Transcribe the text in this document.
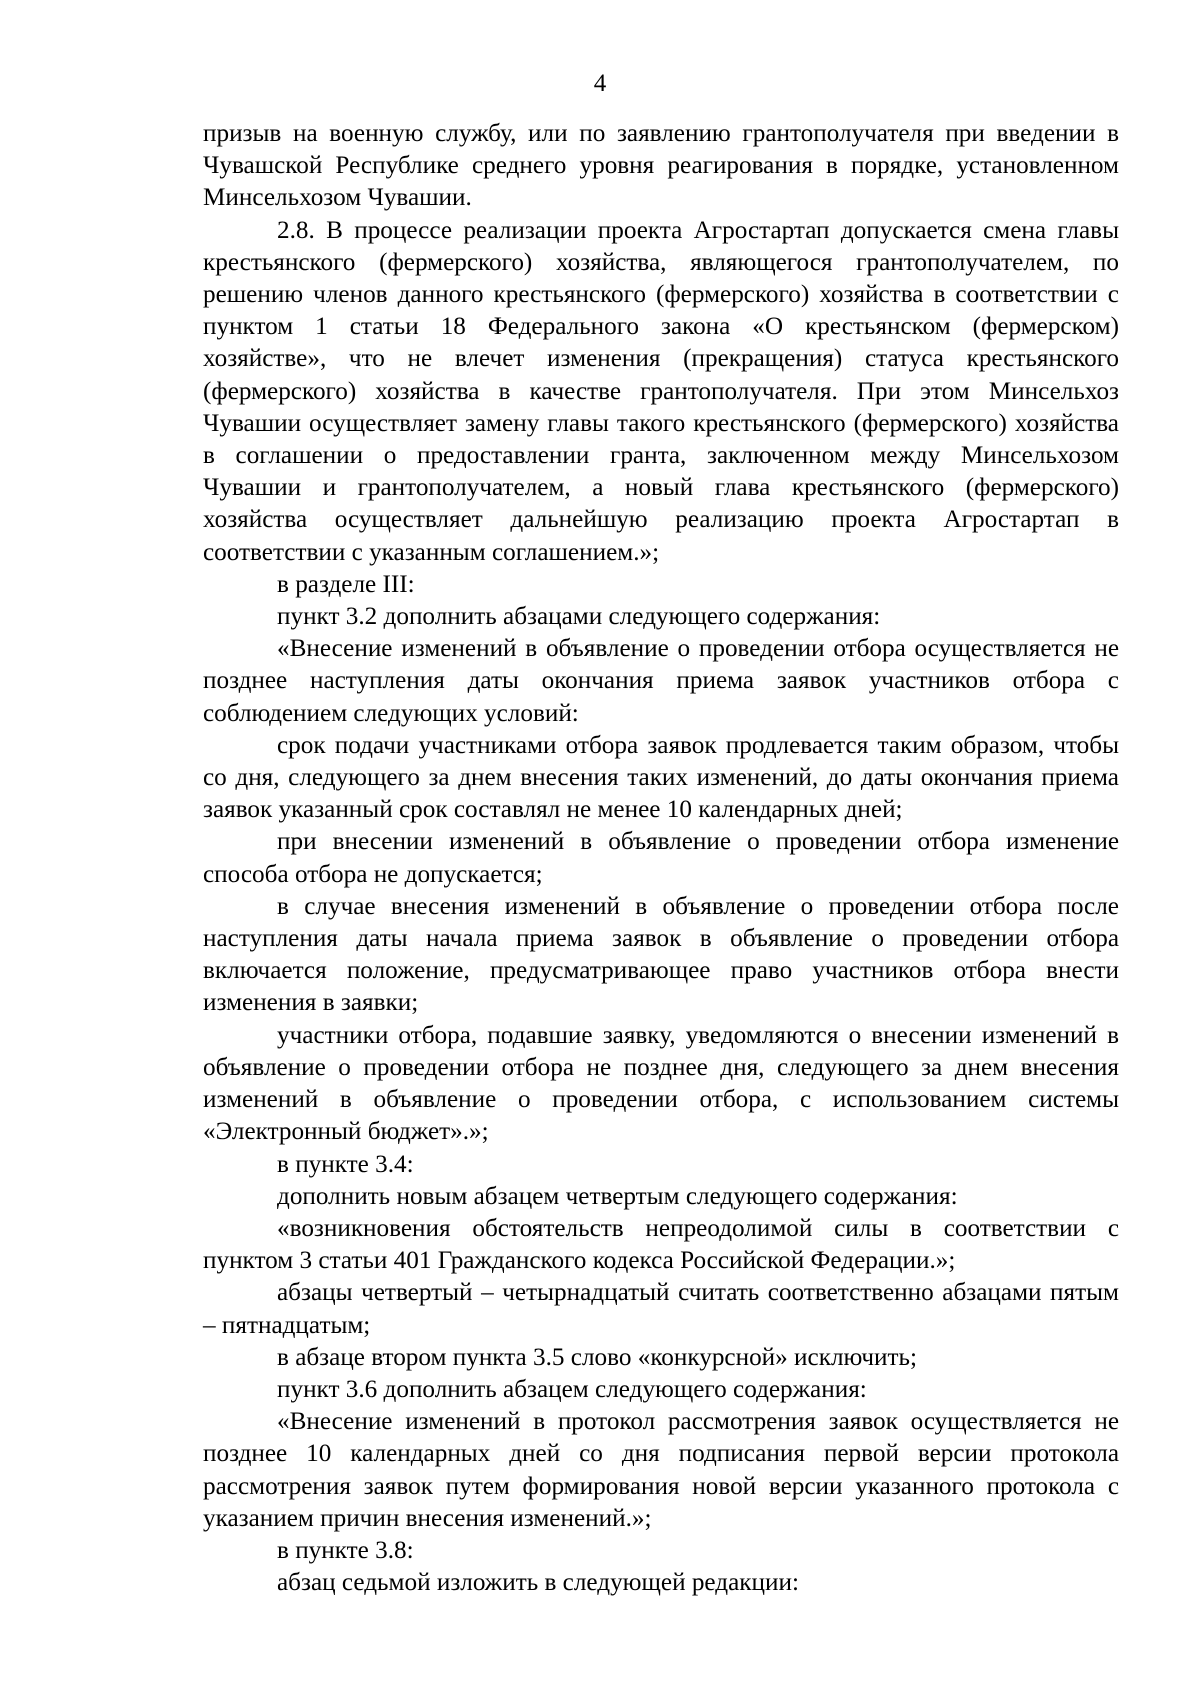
4

призыв на военную службу, или по заявлению грантополучателя при введении в Чувашской Республике среднего уровня реагирования в порядке, установленном Минсельхозом Чувашии.

2.8. В процессе реализации проекта Агростартап допускается смена главы крестьянского (фермерского) хозяйства, являющегося грантополучателем, по решению членов данного крестьянского (фермерского) хозяйства в соответствии с пунктом 1 статьи 18 Федерального закона «О крестьянском (фермерском) хозяйстве», что не влечет изменения (прекращения) статуса крестьянского (фермерского) хозяйства в качестве грантополучателя. При этом Минсельхоз Чувашии осуществляет замену главы такого крестьянского (фермерского) хозяйства в соглашении о предоставлении гранта, заключенном между Минсельхозом Чувашии и грантополучателем, а новый глава крестьянского (фермерского) хозяйства осуществляет дальнейшую реализацию проекта Агростартап в соответствии с указанным соглашением.»;

в разделе III:

пункт 3.2 дополнить абзацами следующего содержания:

«Внесение изменений в объявление о проведении отбора осуществляется не позднее наступления даты окончания приема заявок участников отбора с соблюдением следующих условий:

срок подачи участниками отбора заявок продлевается таким образом, чтобы со дня, следующего за днем внесения таких изменений, до даты окончания приема заявок указанный срок составлял не менее 10 календарных дней;

при внесении изменений в объявление о проведении отбора изменение способа отбора не допускается;

в случае внесения изменений в объявление о проведении отбора после наступления даты начала приема заявок в объявление о проведении отбора включается положение, предусматривающее право участников отбора внести изменения в заявки;

участники отбора, подавшие заявку, уведомляются о внесении изменений в объявление о проведении отбора не позднее дня, следующего за днем внесения изменений в объявление о проведении отбора, с использованием системы «Электронный бюджет».»;

в пункте 3.4:

дополнить новым абзацем четвертым следующего содержания:

«возникновения обстоятельств непреодолимой силы в соответствии с пунктом 3 статьи 401 Гражданского кодекса Российской Федерации.»;

абзацы четвертый – четырнадцатый считать соответственно абзацами пятым – пятнадцатым;

в абзаце втором пункта 3.5 слово «конкурсной» исключить;

пункт 3.6 дополнить абзацем следующего содержания:

«Внесение изменений в протокол рассмотрения заявок осуществляется не позднее 10 календарных дней со дня подписания первой версии протокола рассмотрения заявок путем формирования новой версии указанного протокола с указанием причин внесения изменений.»;

в пункте 3.8:

абзац седьмой изложить в следующей редакции:
